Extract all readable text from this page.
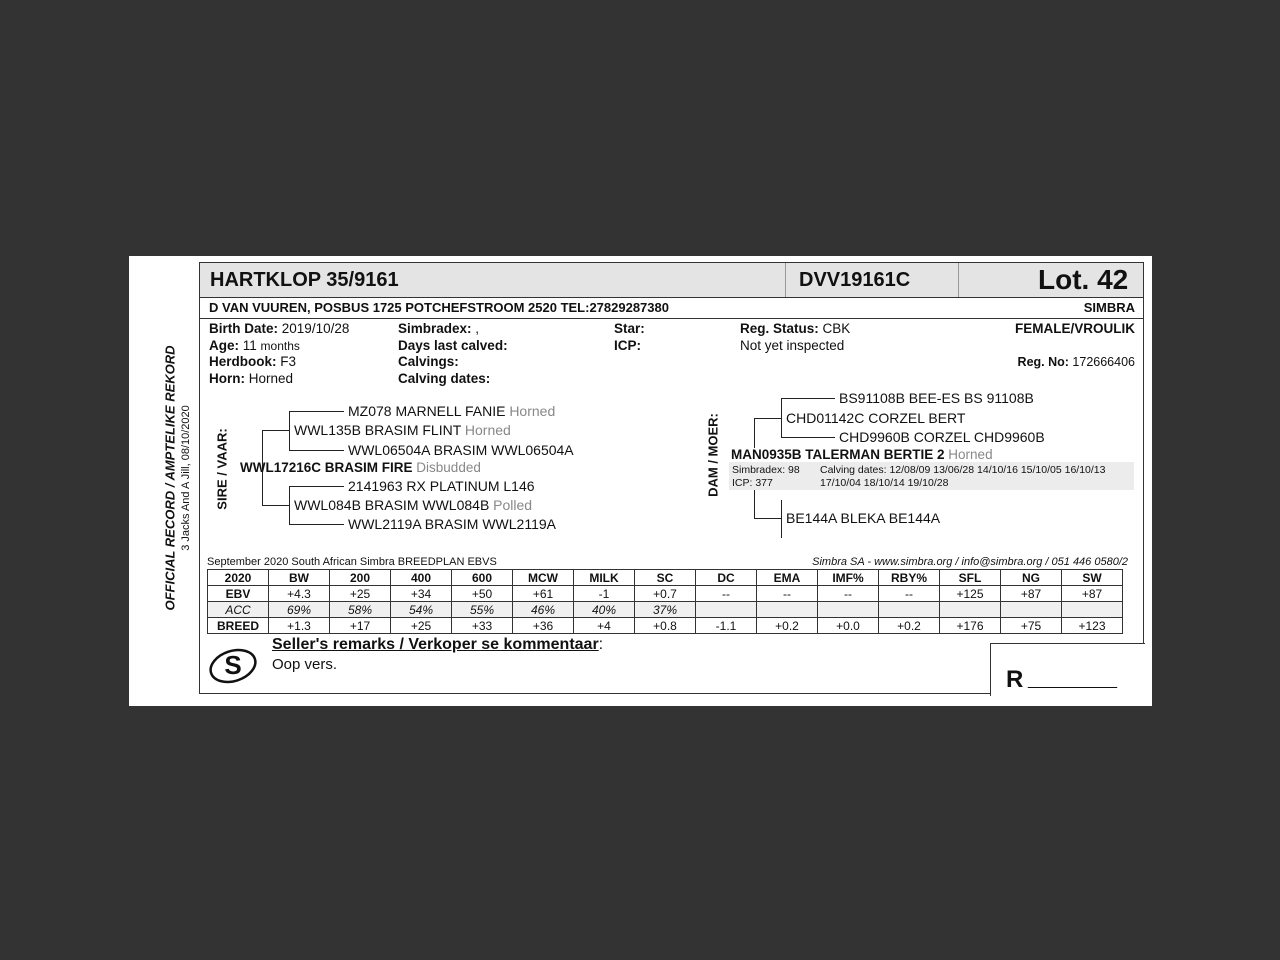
OFFICIAL RECORD / AMPTELIKE REKORD 3 Jacks And A Jill, 08/10/2020
HARTKLOP 35/9161	DVV19161C	Lot. 42
D VAN VUUREN, POSBUS 1725 POTCHEFSTROOM 2520 TEL:27829287380	SIMBRA
Birth Date: 2019/10/28
Age: 11 months
Herdbook: F3
Horn: Horned
Simbradex: ,
Days last calved:
Calvings:
Calving dates:
Star:
ICP:
Reg. Status: CBK
Not yet inspected
FEMALE/VROULIK
Reg. No: 172666406
SIRE / VAAR:
MZ078 MARNELL FANIE Horned
WWL135B BRASIM FLINT Horned
WWL06504A BRASIM WWL06504A
WWL17216C BRASIM FIRE Disbudded
2141963 RX PLATINUM L146
WWL084B BRASIM WWL084B Polled
WWL2119A BRASIM WWL2119A
DAM / MOER:
BS91108B BEE-ES BS 91108B
CHD01142C CORZEL BERT
CHD9960B CORZEL CHD9960B
MAN0935B TALERMAN BERTIE 2 Horned
Simbradex: 98
ICP: 377
Calving dates: 12/08/09 13/06/28 14/10/16 15/10/05 16/10/13
17/10/04 18/10/14 19/10/28
BE144A BLEKA BE144A
September 2020 South African Simbra BREEDPLAN EBVS	Simbra SA - www.simbra.org / info@simbra.org / 051 446 0580/2
2020	BW	200	400	600	MCW	MILK	SC	DC	EMA	IMF%	RBY%	SFL	NG	SW
EBV	+4.3	+25	+34	+50	+61	-1	+0.7	--	--	--	--	+125	+87	+87
ACC	69%	58%	54%	55%	46%	40%	37%							
BREED	+1.3	+17	+25	+33	+36	+4	+0.8	-1.1	+0.2	+0.0	+0.2	+176	+75	+123
S
Seller's remarks / Verkoper se kommentaar:
Oop vers.
R __________
